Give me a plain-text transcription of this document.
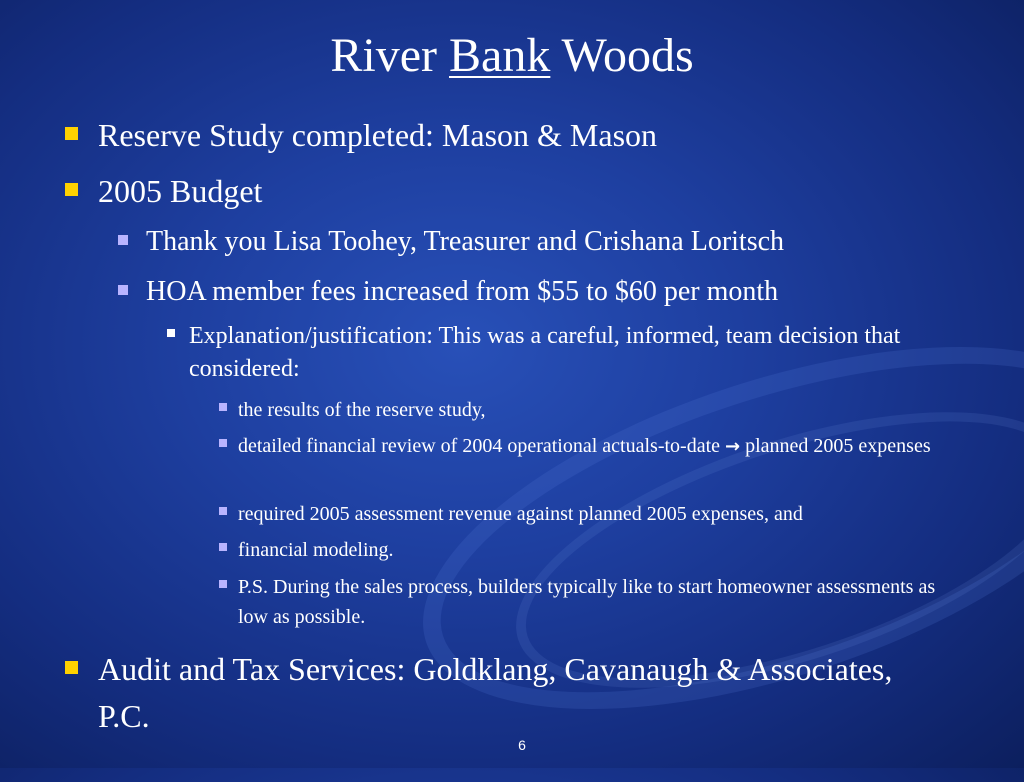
River Bank Woods
Reserve Study completed: Mason & Mason
2005 Budget
Thank you Lisa Toohey, Treasurer and Crishana Loritsch
HOA member fees increased from $55 to $60 per month
Explanation/justification: This was a careful, informed, team decision that considered:
the results of the reserve study,
detailed financial review of 2004 operational actuals-to-date → planned 2005 expenses
required 2005 assessment revenue against planned 2005 expenses, and
financial modeling.
P.S. During the sales process, builders typically like to start homeowner assessments as low as possible.
Audit and Tax Services: Goldklang, Cavanaugh & Associates, P.C.
6
